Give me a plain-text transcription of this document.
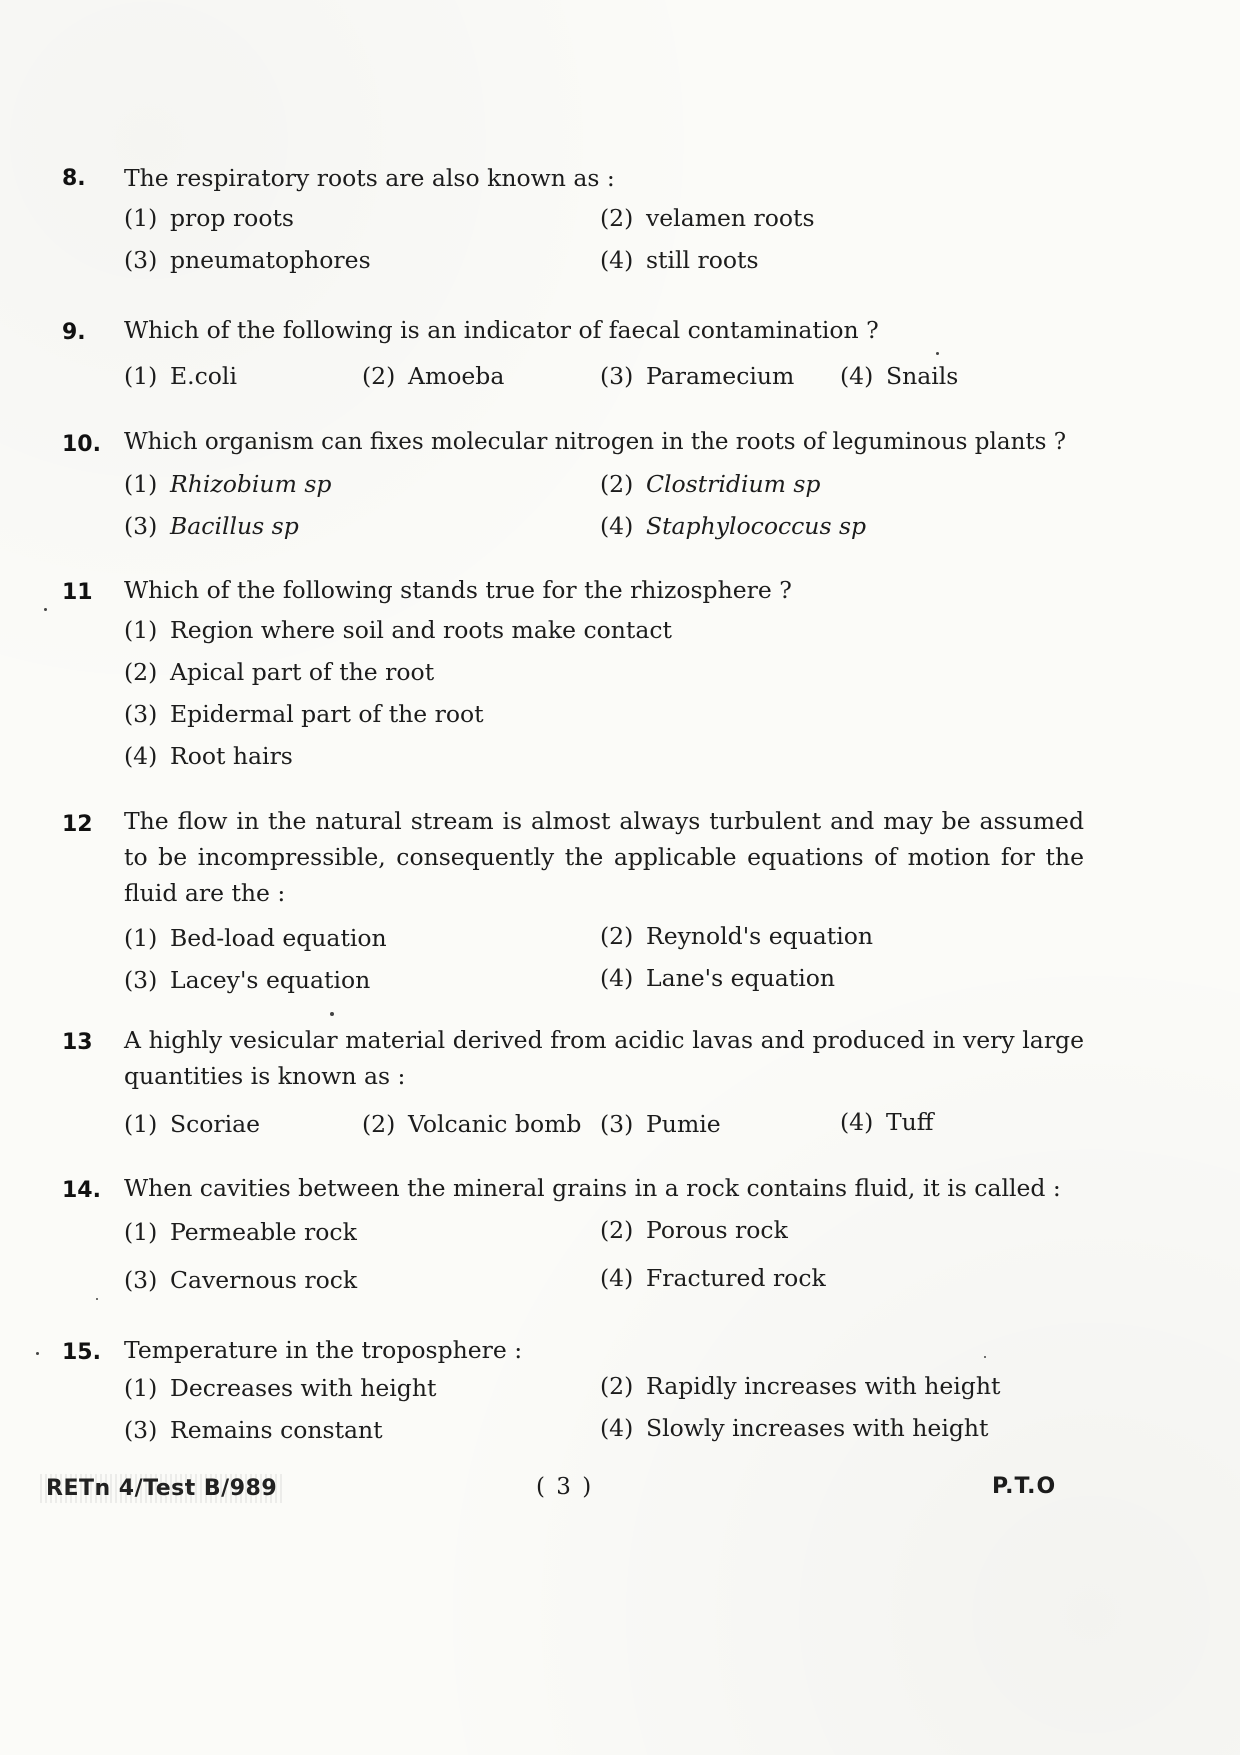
8.	The respiratory roots are also known as :
(1) prop roots	(2) velamen roots
(3) pneumatophores	(4) still roots
9.	Which of the following is an indicator of faecal contamination ?
(1) E.coli	(2) Amoeba	(3) Paramecium (4) Snails
10.	Which organism can fixes molecular nitrogen in the roots of leguminous plants ?
(1) Rhizobium sp	(2) Clostridium sp
(3) Bacillus sp	(4) Staphylococcus sp
11	Which of the following stands true for the rhizosphere ?
(1) Region where soil and roots make contact
(2) Apical part of the root
(3) Epidermal part of the root
(4) Root hairs
12	The flow in the natural stream is almost always turbulent and may be assumed to be incompressible, consequently the applicable equations of motion for the fluid are the :
(1) Bed-load equation	(2) Reynold's equation
(3) Lacey's equation	(4) Lane's equation
13	A highly vesicular material derived from acidic lavas and produced in very large quantities is known as :
(1) Scoriae	(2) Volcanic bomb (3) Pumie	(4) Tuff
14. When cavities between the mineral grains in a rock contains fluid, it is called :
(1) Permeable rock	(2) Porous rock
(3) Cavernous rock	(4) Fractured rock
15. Temperature in the troposphere :
(1) Decreases with height	(2) Rapidly increases with height
(3) Remains constant	(4) Slowly increases with height
RETn 4/Test B/989	( 3 )	P.T.O
